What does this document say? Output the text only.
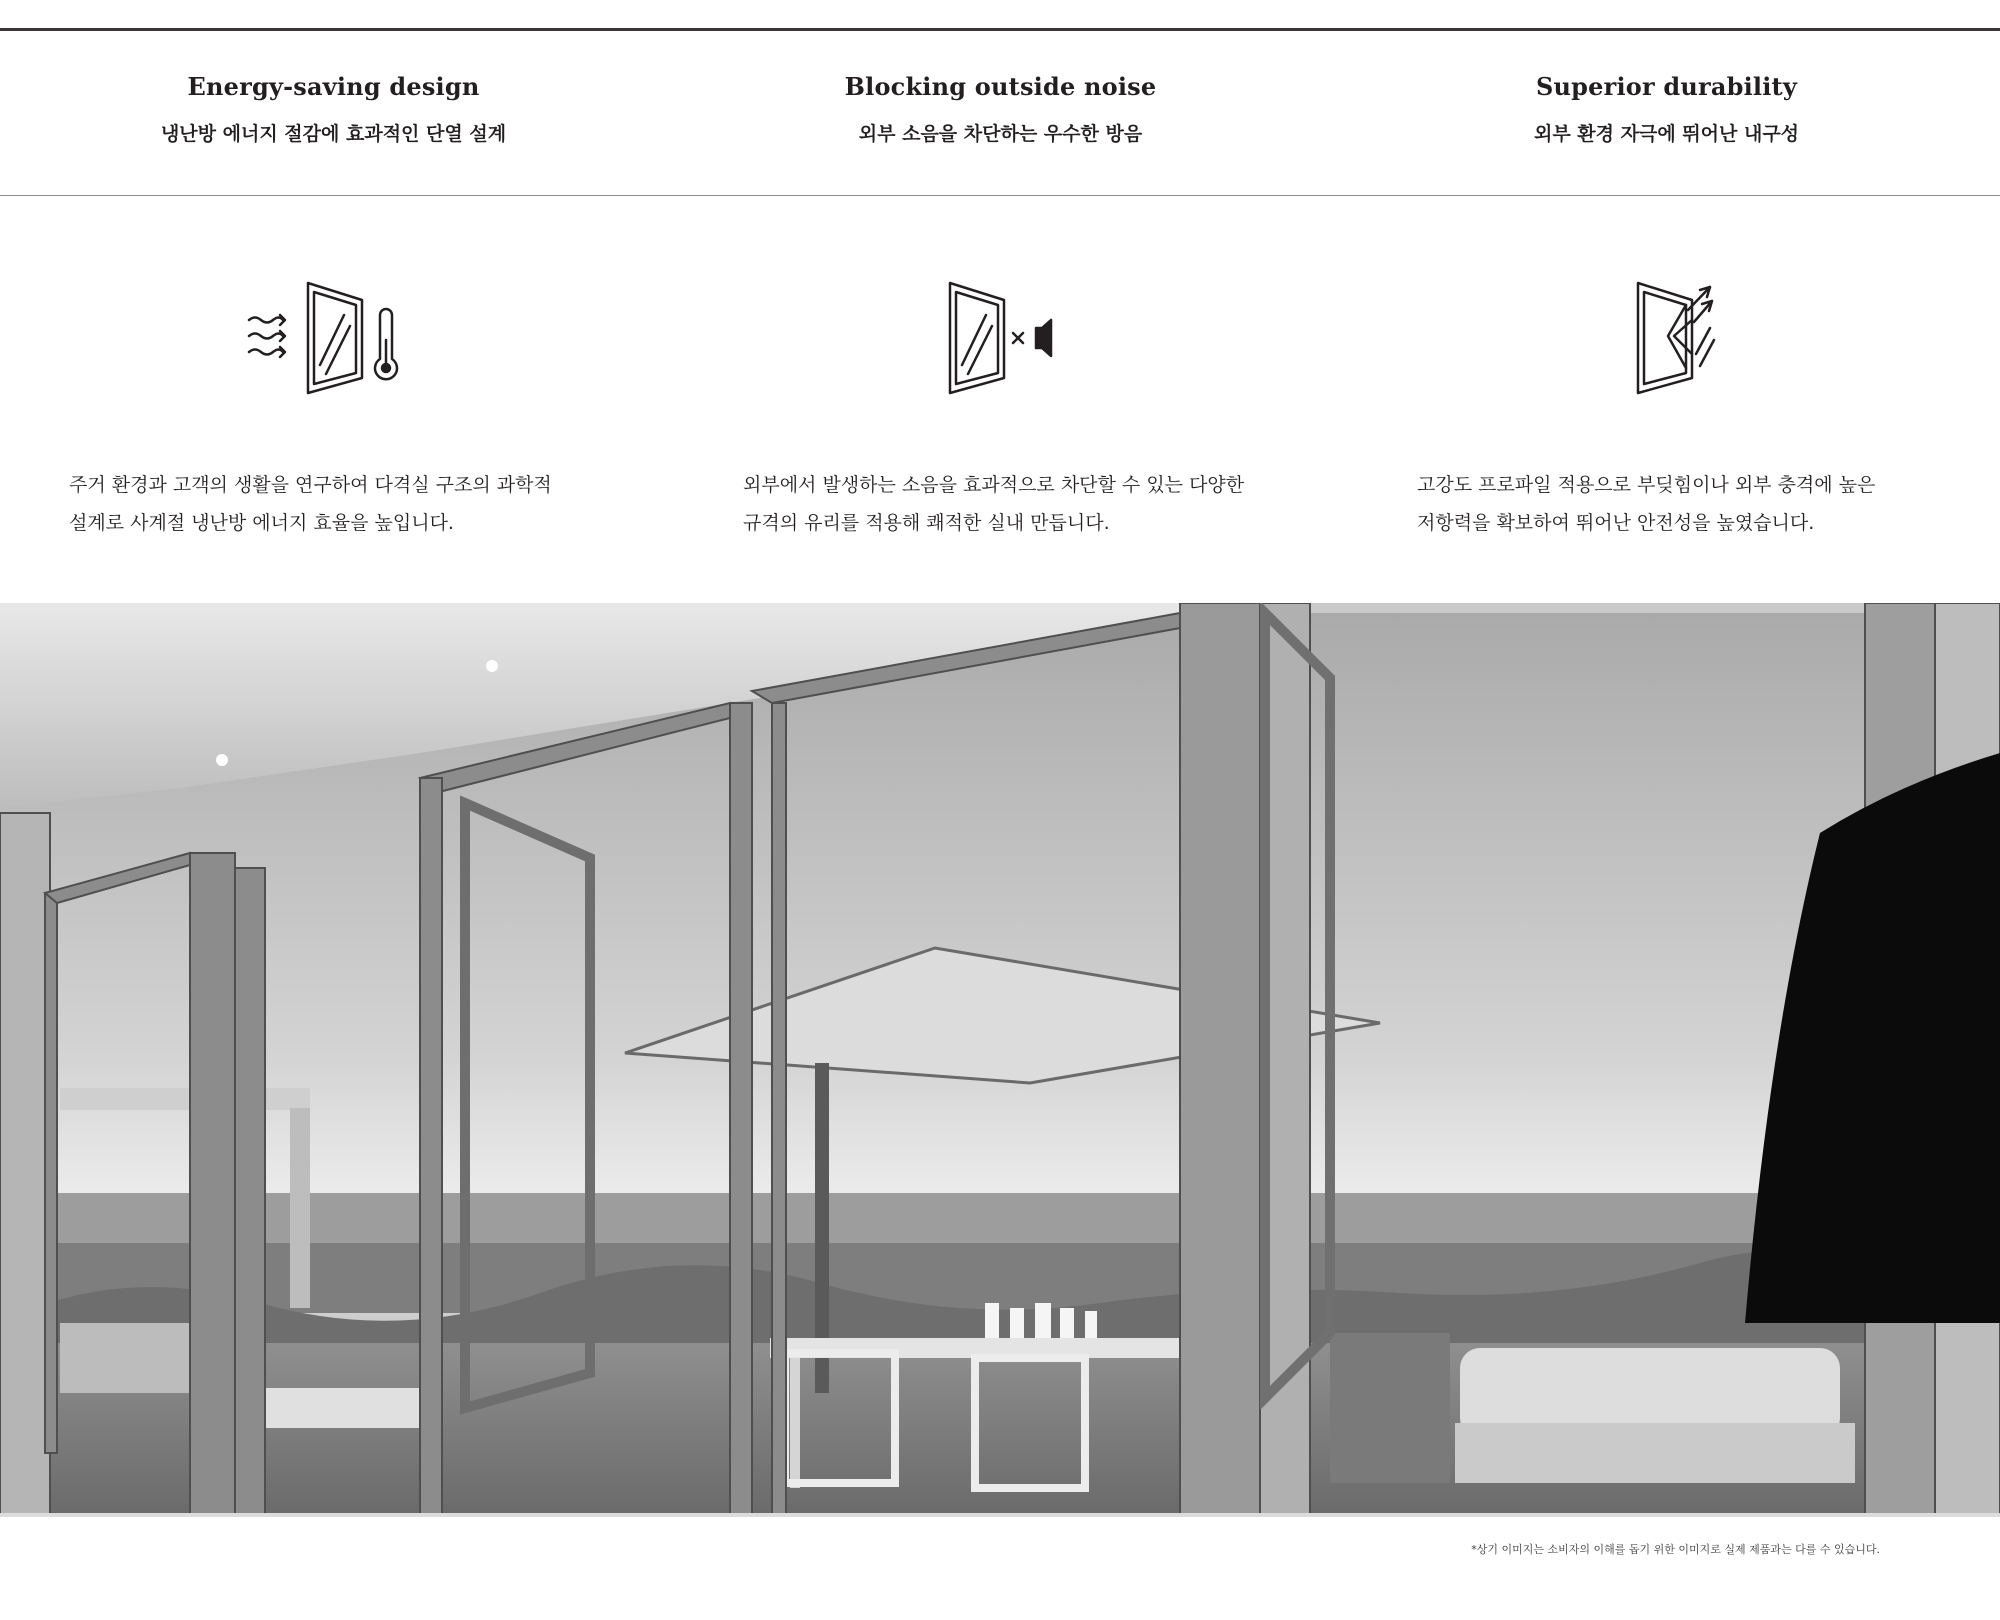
Energy-saving design
냉난방 에너지 절감에 효과적인 단열 설계
Blocking outside noise
외부 소음을 차단하는 우수한 방음
Superior durability
외부 환경 자극에 뛰어난 내구성
주거 환경과 고객의 생활을 연구하여 다격실 구조의 과학적
설계로 사계절 냉난방 에너지 효율을 높입니다.
외부에서 발생하는 소음을 효과적으로 차단할 수 있는 다양한
규격의 유리를 적용해 쾌적한 실내 만듭니다.
고강도 프로파일 적용으로 부딪힘이나 외부 충격에 높은
저항력을 확보하여 뛰어난 안전성을 높였습니다.
*상기 이미지는 소비자의 이해를 돕기 위한 이미지로 실제 제품과는 다를 수 있습니다.
